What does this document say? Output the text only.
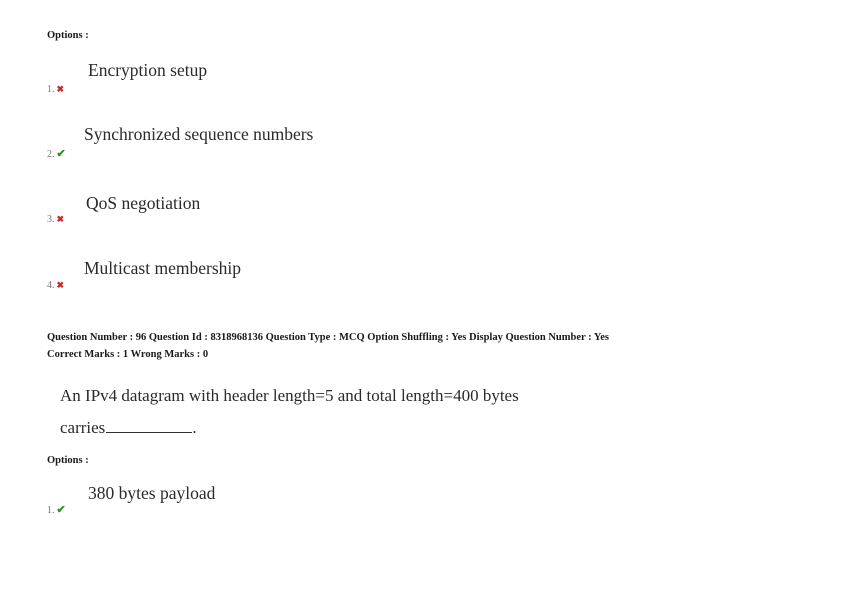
Options :
Encryption setup
1. ✖
Synchronized sequence numbers
2. ✔
QoS negotiation
3. ✖
Multicast membership
4. ✖
Question Number : 96 Question Id : 8318968136 Question Type : MCQ Option Shuffling : Yes Display Question Number : Yes
Correct Marks : 1 Wrong Marks : 0
An IPv4 datagram with header length=5 and total length=400 bytes
carries	.
Options :
380 bytes payload
1. ✔
